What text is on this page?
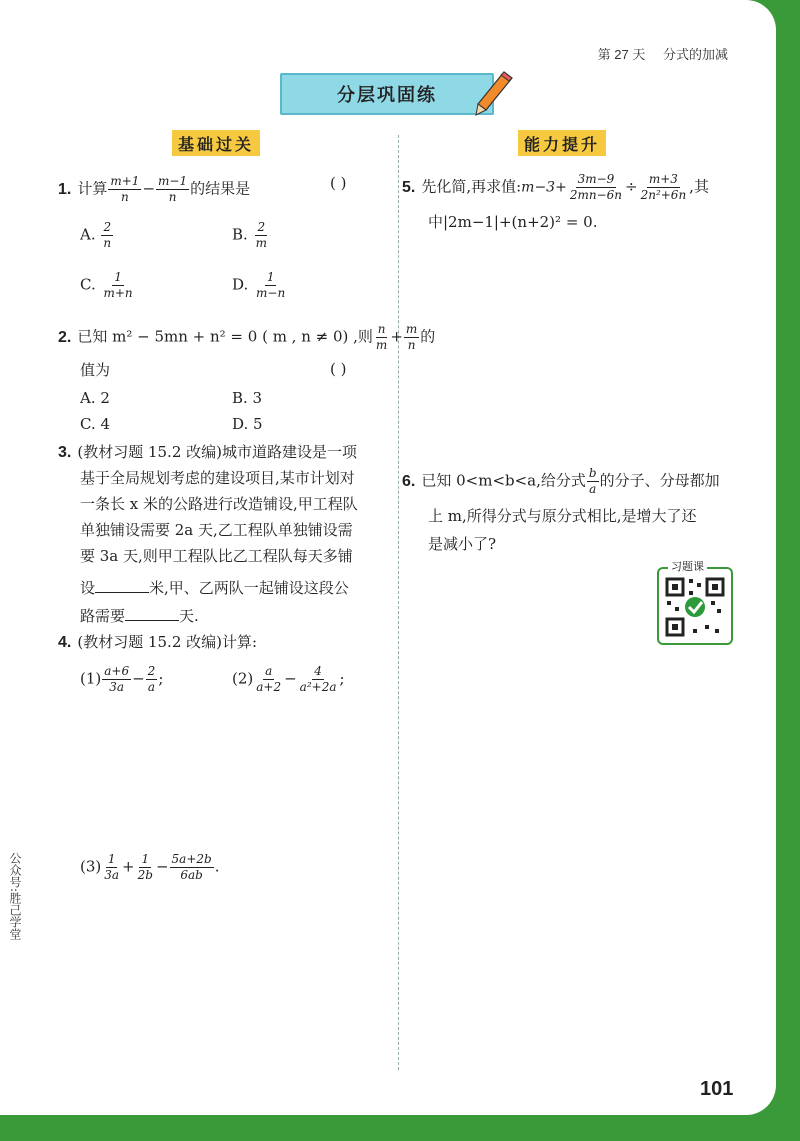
第 27 天 分式的加减
分层巩固练
基础过关	能力提升
1. 计算 $\frac{m+1}{n} - \frac{m-1}{n}$ 的结果是	( )
A. $\frac{2}{n}$	B. $\frac{2}{m}$
C. $\frac{1}{m+n}$	D. $\frac{1}{m-n}$
2. 已知 m² − 5mn + n² = 0 ( m , n ≠ 0) ,则 $\frac{n}{m} + \frac{m}{n}$ 的
值为	( )
A. 2	B. 3
C. 4	D. 5
3. (教材习题 15.2 改编)城市道路建设是一项
基于全局规划考虑的建设项目,某市计划对
一条长 x 米的公路进行改造铺设,甲工程队
单独铺设需要 2a 天,乙工程队单独铺设需
要 3a 天,则甲工程队比乙工程队每天多铺
设	米,甲、乙两队一起铺设这段公
路需要	天.
4. (教材习题 15.2 改编)计算:
$(1) \frac{a+6}{3a} - \frac{2}{a}$ ;	$(2) \frac{a}{a+2} - \frac{4}{\text{a²+2a}}$ ;
$(3) \frac{1}{3a} + \frac{1}{2b} - \frac{5a+2b}{6ab}$ .
5. 先化简,再求值:m−3+ $\frac{3m-9}{2mn-6n} \div \frac{m+3}{\text{2n²+6n}}$ ,其
中|2m−1|+(n+2)² = 0.
6. 已知 0<m<b<a,给分式 $\frac{b}{a}$ 的分子、分母都加
上 m,所得分式与原分式相比,是增大了还
是减小了?
习题课
公众号:胜己学堂
101
